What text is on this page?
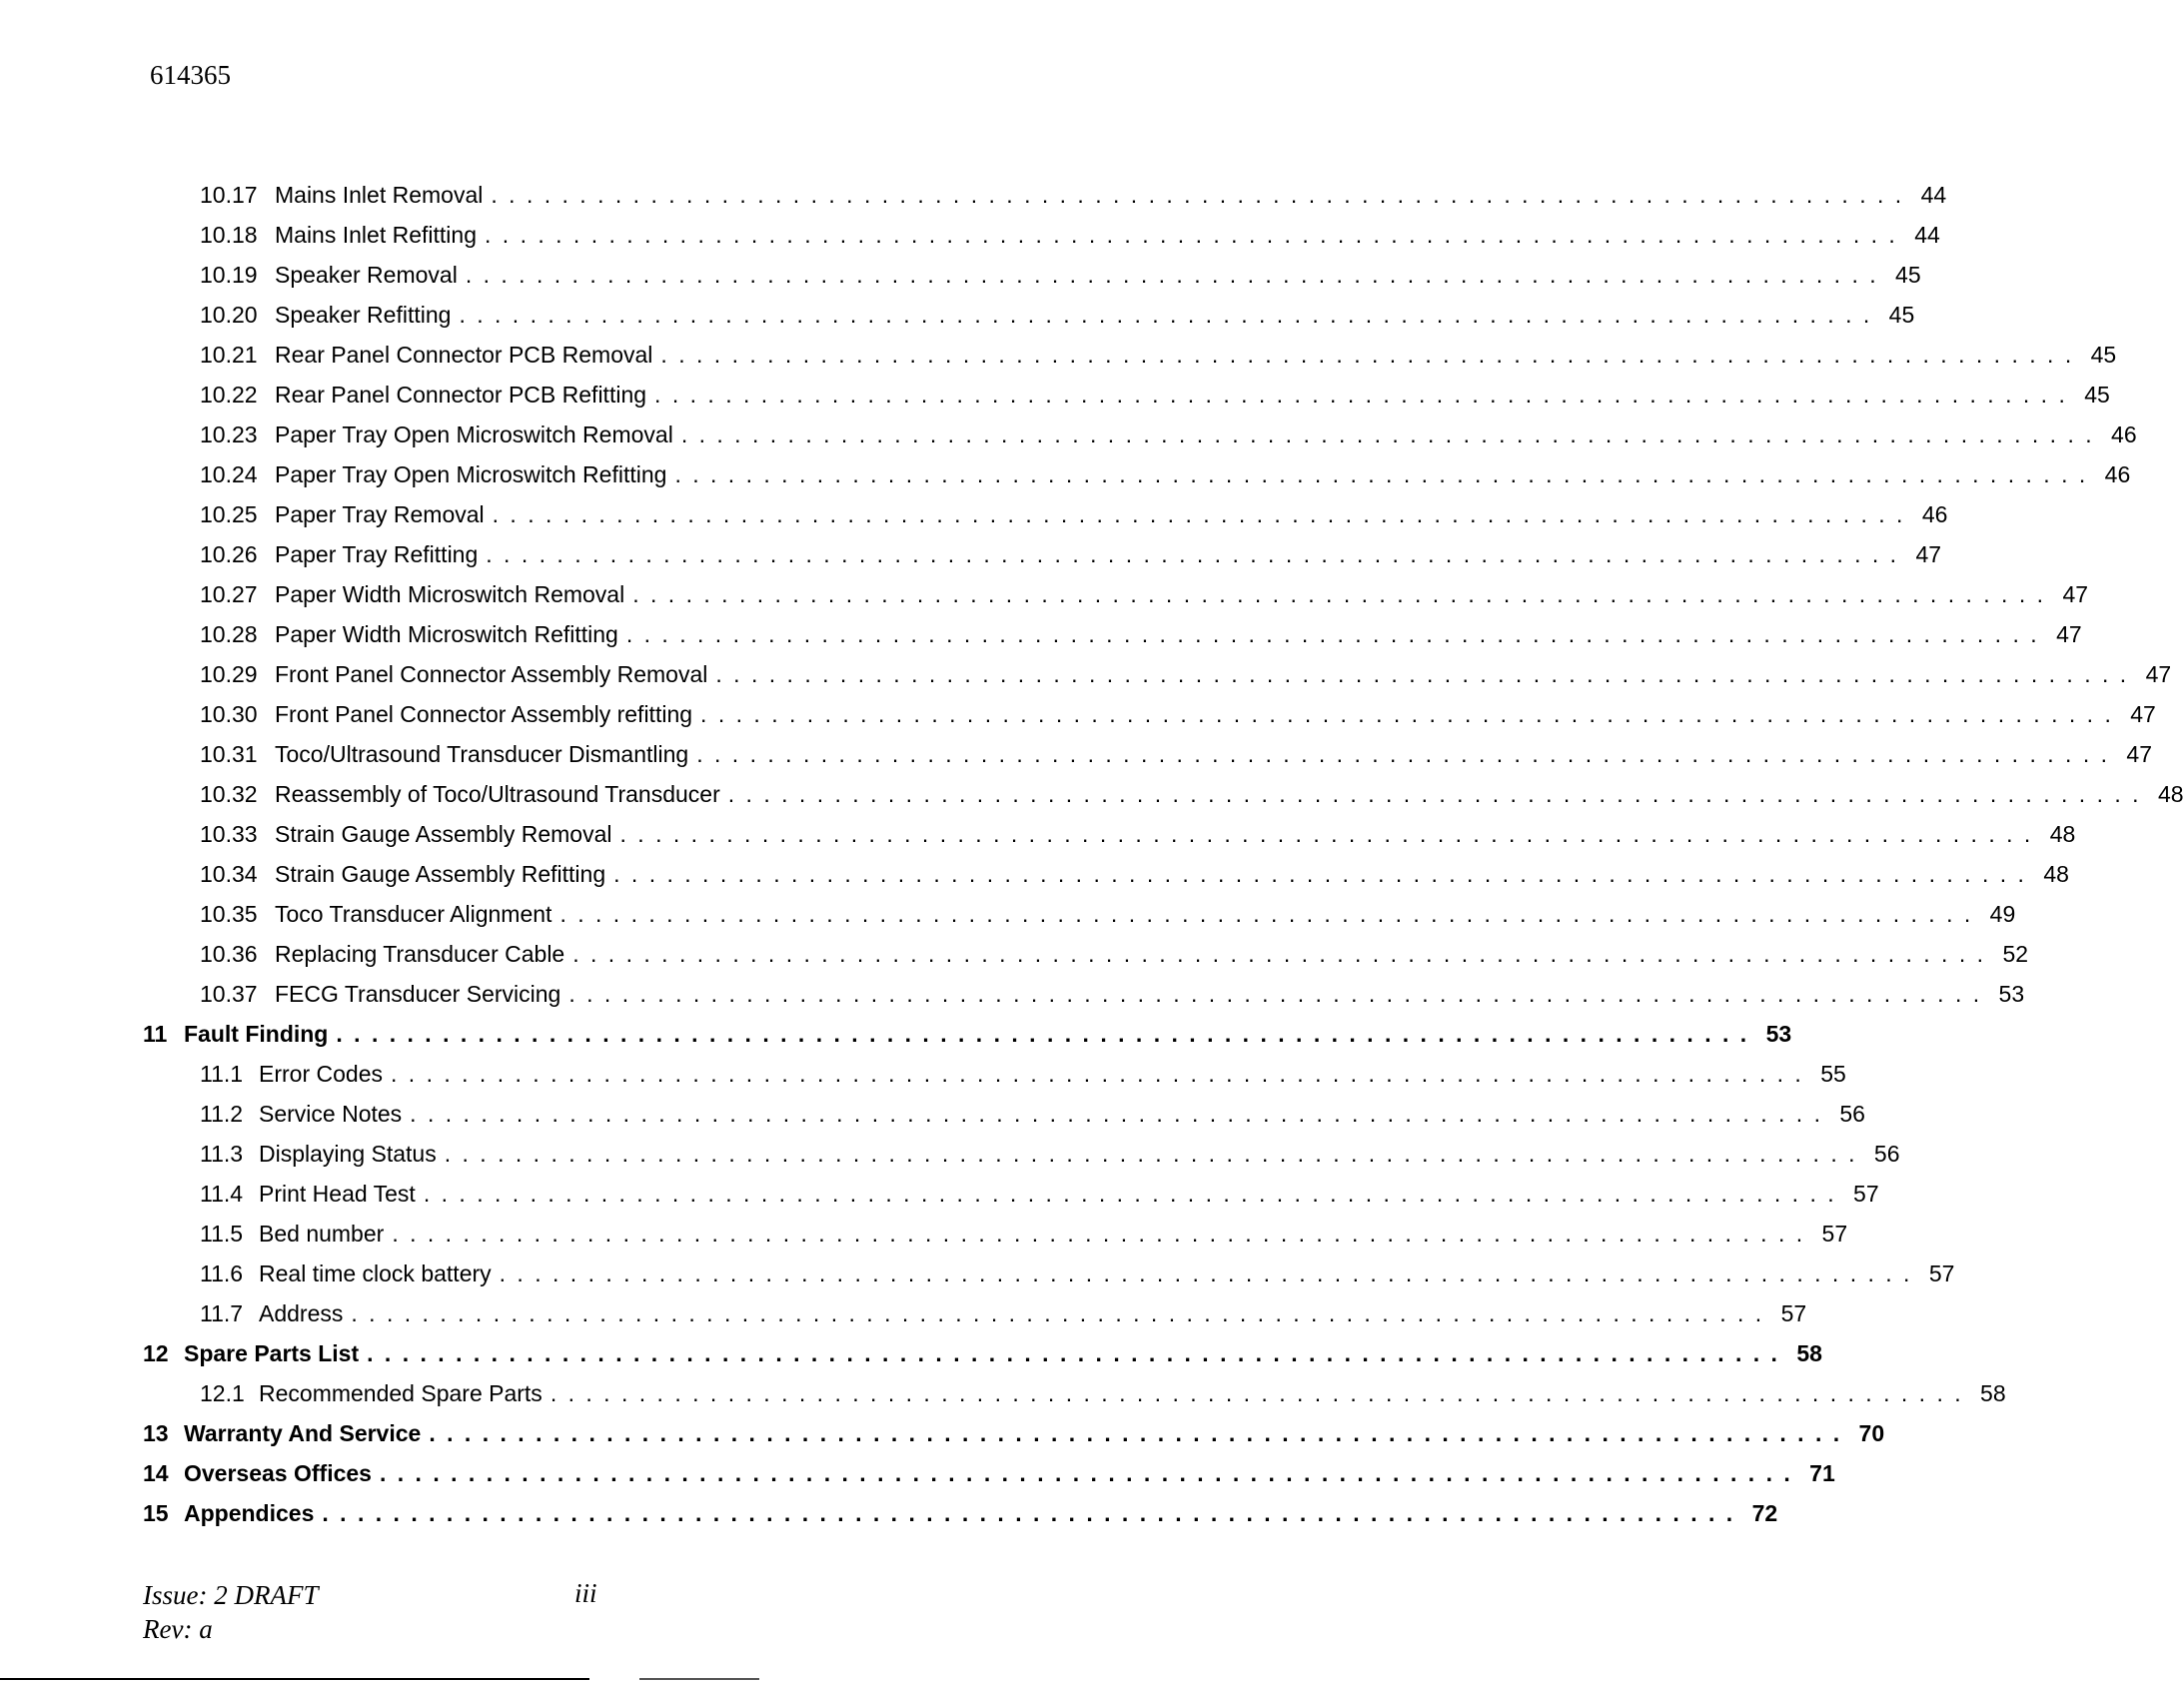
614365
10.17 Mains Inlet Removal ................................................................................ 44
10.18 Mains Inlet Refitting ................................................................................ 44
10.19 Speaker Removal ................................................................................ 45
10.20 Speaker Refitting ................................................................................ 45
10.21 Rear Panel Connector PCB Removal ................................................................................ 45
10.22 Rear Panel Connector PCB Refitting ................................................................................ 45
10.23 Paper Tray Open Microswitch Removal ................................................................................ 46
10.24 Paper Tray Open Microswitch Refitting ................................................................................ 46
10.25 Paper Tray Removal ................................................................................ 46
10.26 Paper Tray Refitting ................................................................................ 47
10.27 Paper Width Microswitch Removal ................................................................................ 47
10.28 Paper Width Microswitch Refitting ................................................................................ 47
10.29 Front Panel Connector Assembly Removal ................................................................................ 47
10.30 Front Panel Connector Assembly refitting ................................................................................ 47
10.31 Toco/Ultrasound Transducer Dismantling ................................................................................ 47
10.32 Reassembly of Toco/Ultrasound Transducer ................................................................................ 48
10.33 Strain Gauge Assembly Removal ................................................................................ 48
10.34 Strain Gauge Assembly Refitting ................................................................................ 48
10.35 Toco Transducer Alignment ................................................................................ 49
10.36 Replacing Transducer Cable ................................................................................ 52
10.37 FECG Transducer Servicing ................................................................................ 53
11 Fault Finding ................................................................................ 53
11.1 Error Codes ................................................................................ 55
11.2 Service Notes ................................................................................ 56
11.3 Displaying Status ................................................................................ 56
11.4 Print Head Test ................................................................................ 57
11.5 Bed number ................................................................................ 57
11.6 Real time clock battery ................................................................................ 57
11.7 Address ................................................................................ 57
12 Spare Parts List ................................................................................ 58
12.1 Recommended Spare Parts ................................................................................ 58
13 Warranty And Service ................................................................................ 70
14 Overseas Offices ................................................................................ 71
15 Appendices ................................................................................ 72
Issue: 2 DRAFT
Rev: a
iii
